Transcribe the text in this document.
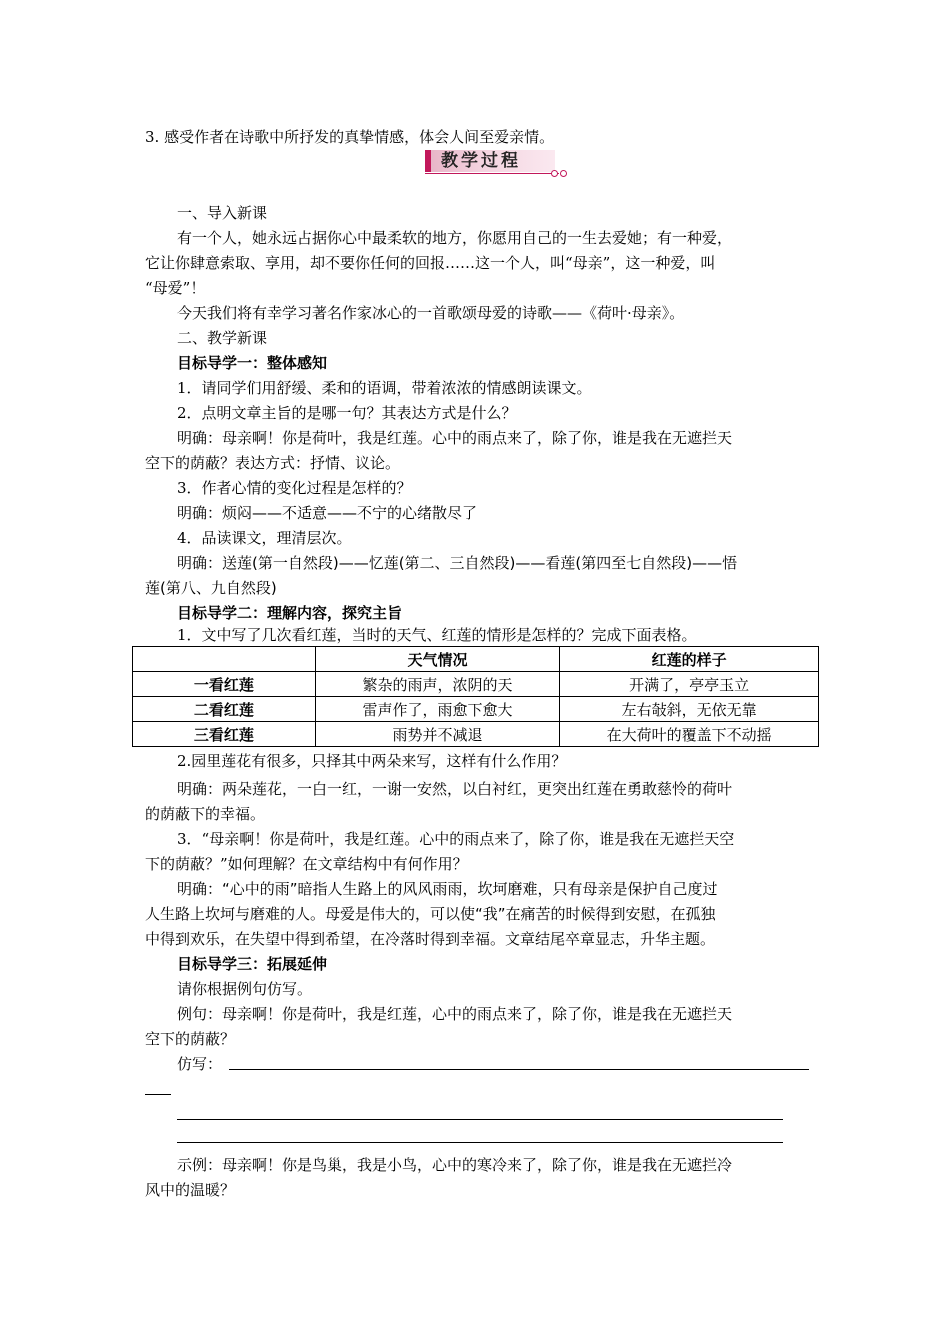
3. 感受作者在诗歌中所抒发的真挚情感，体会人间至爱亲情。
教学过程
一、导入新课
有一个人，她永远占据你心中最柔软的地方，你愿用自己的一生去爱她；有一种爱，
它让你肆意索取、享用，却不要你任何的回报……这一个人，叫“母亲”，这一种爱，叫
“母爱”！
今天我们将有幸学习著名作家冰心的一首歌颂母爱的诗歌——《荷叶·母亲》。
二、教学新课
目标导学一：整体感知
1．请同学们用舒缓、柔和的语调，带着浓浓的情感朗读课文。
2．点明文章主旨的是哪一句？其表达方式是什么？
明确：母亲啊！你是荷叶，我是红莲。心中的雨点来了，除了你，谁是我在无遮拦天
空下的荫蔽？表达方式：抒情、议论。
3．作者心情的变化过程是怎样的？
明确：烦闷——不适意——不宁的心绪散尽了
4．品读课文，理清层次。
明确：送莲(第一自然段)——忆莲(第二、三自然段)——看莲(第四至七自然段)——悟
莲(第八、九自然段)
目标导学二：理解内容，探究主旨
1．文中写了几次看红莲，当时的天气、红莲的情形是怎样的？完成下面表格。
	天气情况	红莲的样子
一看红莲	繁杂的雨声，浓阴的天	开满了，亭亭玉立
二看红莲	雷声作了，雨愈下愈大	左右敧斜，无依无靠
三看红莲	雨势并不减退	在大荷叶的覆盖下不动摇
2.园里莲花有很多，只择其中两朵来写，这样有什么作用？
明确：两朵莲花，一白一红，一谢一安然，以白衬红，更突出红莲在勇敢慈怜的荷叶
的荫蔽下的幸福。
3．“母亲啊！你是荷叶，我是红莲。心中的雨点来了，除了你，谁是我在无遮拦天空
下的荫蔽？”如何理解？在文章结构中有何作用？
明确：“心中的雨”暗指人生路上的风风雨雨，坎坷磨难，只有母亲是保护自己度过
人生路上坎坷与磨难的人。母爱是伟大的，可以使“我”在痛苦的时候得到安慰，在孤独
中得到欢乐，在失望中得到希望，在冷落时得到幸福。文章结尾卒章显志，升华主题。
目标导学三：拓展延伸
请你根据例句仿写。
例句：母亲啊！你是荷叶，我是红莲，心中的雨点来了，除了你，谁是我在无遮拦天
空下的荫蔽？
仿写：
示例：母亲啊！你是鸟巢，我是小鸟，心中的寒冷来了，除了你，谁是我在无遮拦冷
风中的温暖？
